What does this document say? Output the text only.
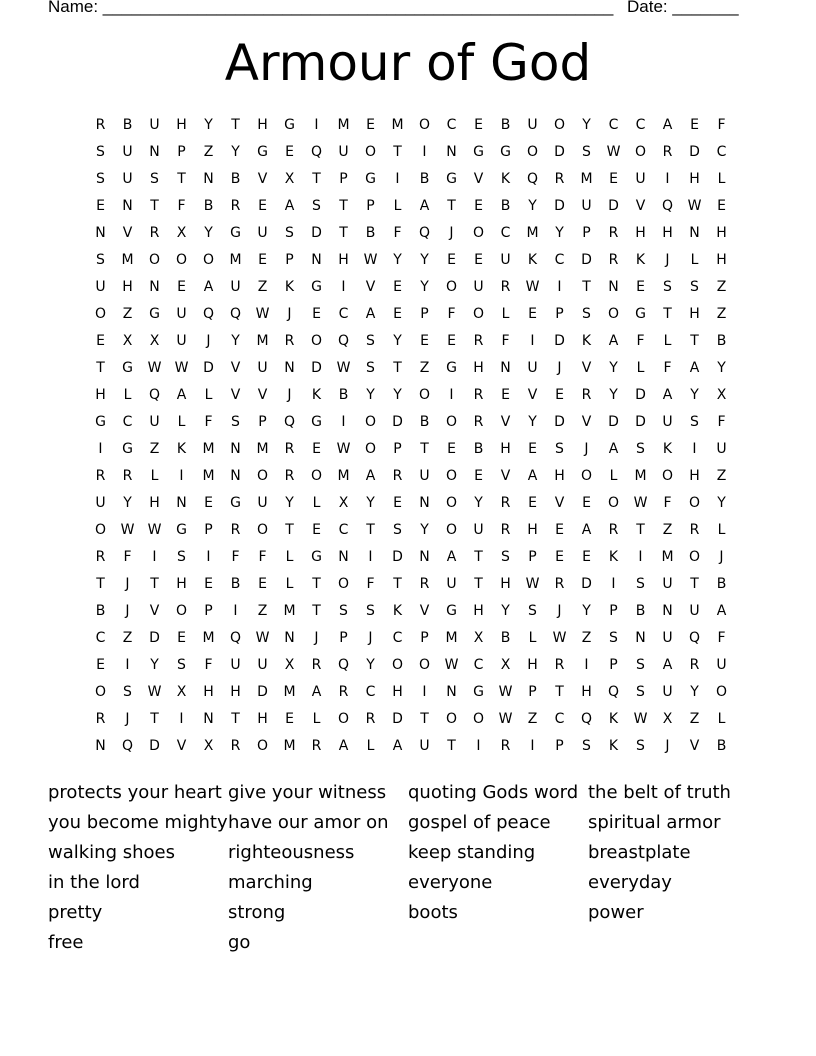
Name: ______________________________________________________ Date: _______
Armour of God
R	B	U	H	Y	T	H	G	I	M	E	M	O	C	E	B	U	O	Y	C	C	A	E	F
S	U	N	P	Z	Y	G	E	Q	U	O	T	I	N	G	G	O	D	S	W	O	R	D	C
S	U	S	T	N	B	V	X	T	P	G	I	B	G	V	K	Q	R	M	E	U	I	H	L
E	N	T	F	B	R	E	A	S	T	P	L	A	T	E	B	Y	D	U	D	V	Q	W	E
N	V	R	X	Y	G	U	S	D	T	B	F	Q	J	O	C	M	Y	P	R	H	H	N	H
S	M	O	O	O	M	E	P	N	H	W	Y	Y	E	E	U	K	C	D	R	K	J	L	H
U	H	N	E	A	U	Z	K	G	I	V	E	Y	O	U	R	W	I	T	N	E	S	S	Z
O	Z	G	U	Q	Q	W	J	E	C	A	E	P	F	O	L	E	P	S	O	G	T	H	Z
E	X	X	U	J	Y	M	R	O	Q	S	Y	E	E	R	F	I	D	K	A	F	L	T	B
T	G	W W	D	V	U	N	D	W	S	T	Z	G	H	N	U	J	V	Y	L	F	A	Y
H	L	Q	A	L	V	V	J	K	B	Y	Y	O	I	R	E	V	E	R	Y	D	A	Y	X
G	C	U	L	F	S	P	Q	G	I	O	D	B	O	R	V	Y	D	V	D	D	U	S	F
I	G	Z	K	M	N	M	R	E	W	O	P	T	E	B	H	E	S	J	A	S	K	I	U
R	R	L	I	M	N	O	R	O	M	A	R	U	O	E	V	A	H	O	L	M	O	H	Z
U	Y	H	N	E	G	U	Y	L	X	Y	E	N	O	Y	R	E	V	E	O	W	F	O	Y
O	W W	G	P	R	O	T	E	C	T	S	Y	O	U	R	H	E	A	R	T	Z	R	L
R	F	I	S	I	F	F	L	G	N	I	D	N	A	T	S	P	E	E	K	I	M	O	J
T	J	T	H	E	B	E	L	T	O	F	T	R	U	T	H	W	R	D	I	S	U	T	B
B	J	V	O	P	I	Z	M	T	S	S	K	V	G	H	Y	S	J	Y	P	B	N	U	A
C	Z	D	E	M	Q	W	N	J	P	J	C	P	M	X	B	L	W	Z	S	N	U	Q	F
E	I	Y	S	F	U	U	X	R	Q	Y	O	O	W	C	X	H	R	I	P	S	A	R	U
O	S	W	X	H	H	D	M	A	R	C	H	I	N	G	W	P	T	H	Q	S	U	Y	O
R	J	T	I	N	T	H	E	L	O	R	D	T	O	O	W	Z	C	Q	K	W	X	Z	L
N	Q	D	V	X	R	O	M	R	A	L	A	U	T	I	R	I	P	S	K	S	J	V	B
protects your heart
you become mighty
walking shoes
in the lord
pretty
free
give your witness
have our amor on
righteousness
marching
strong
go
quoting Gods word
gospel of peace
keep standing
everyone
boots
the belt of truth
spiritual armor
breastplate
everyday
power
